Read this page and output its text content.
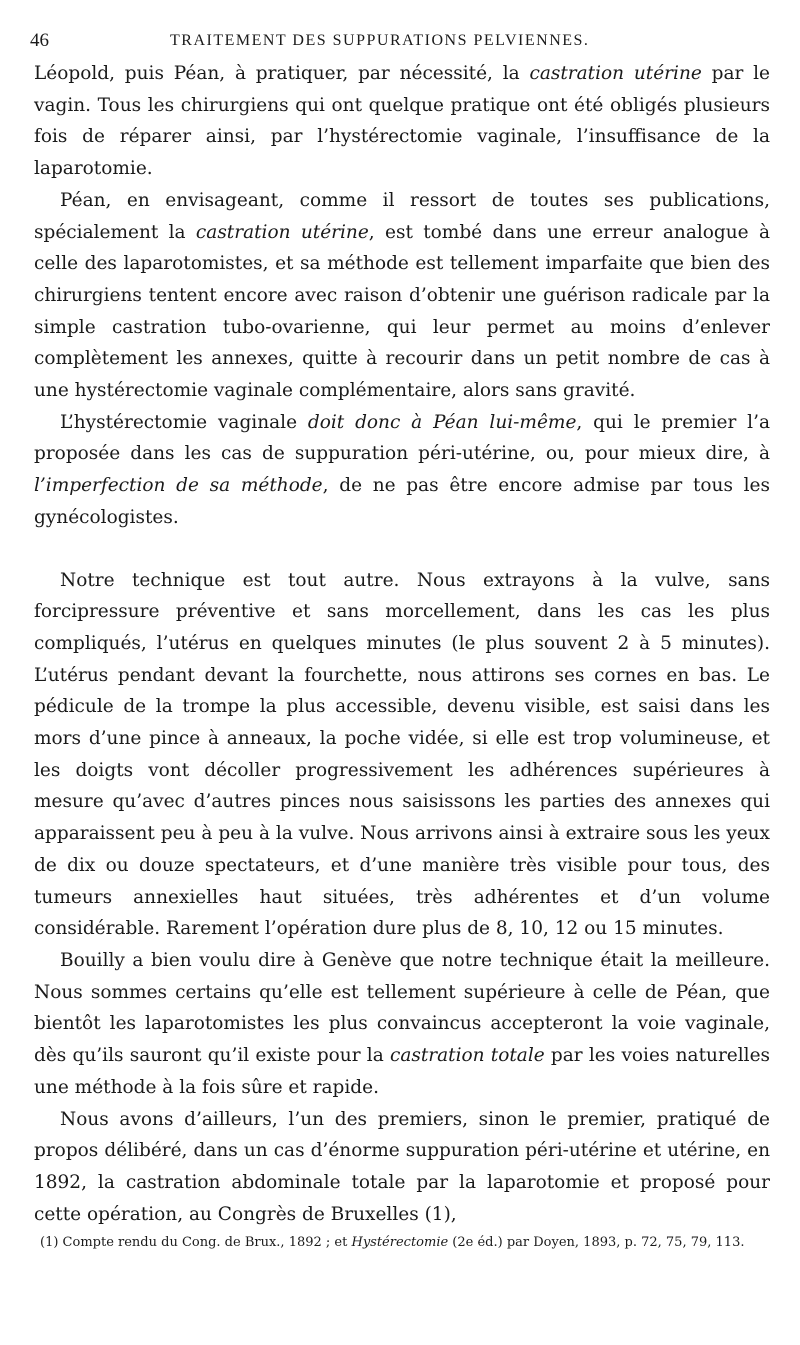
46	TRAITEMENT DES SUPPURATIONS PELVIENNES.

Léopold, puis Péan, à pratiquer, par nécessité, la castration utérine par le vagin. Tous les chirurgiens qui ont quelque pratique ont été obligés plusieurs fois de réparer ainsi, par l’hystérectomie vaginale, l’insuffisance de la laparotomie.

Péan, en envisageant, comme il ressort de toutes ses publications, spécialement la castration utérine, est tombé dans une erreur analogue à celle des laparotomistes, et sa méthode est tellement imparfaite que bien des chirurgiens tentent encore avec raison d’obtenir une guérison radicale par la simple castration tubo-ovarienne, qui leur permet au moins d’enlever complètement les annexes, quitte à recourir dans un petit nombre de cas à une hystérectomie vaginale complémentaire, alors sans gravité.

L’hystérectomie vaginale doit donc à Péan lui-même, qui le premier l’a proposée dans les cas de suppuration péri-utérine, ou, pour mieux dire, à l’imperfection de sa méthode, de ne pas être encore admise par tous les gynécologistes.

Notre technique est tout autre. Nous extrayons à la vulve, sans forcipressure préventive et sans morcellement, dans les cas les plus compliqués, l’utérus en quelques minutes (le plus souvent 2 à 5 minutes). L’utérus pendant devant la fourchette, nous attirons ses cornes en bas. Le pédicule de la trompe la plus accessible, devenu visible, est saisi dans les mors d’une pince à anneaux, la poche vidée, si elle est trop volumineuse, et les doigts vont décoller progressivement les adhérences supérieures à mesure qu’avec d’autres pinces nous saisissons les parties des annexes qui apparaissent peu à peu à la vulve. Nous arrivons ainsi à extraire sous les yeux de dix ou douze spectateurs, et d’une manière très visible pour tous, des tumeurs annexielles haut situées, très adhérentes et d’un volume considérable. Rarement l’opération dure plus de 8, 10, 12 ou 15 minutes.

Bouilly a bien voulu dire à Genève que notre technique était la meilleure. Nous sommes certains qu’elle est tellement supérieure à celle de Péan, que bientôt les laparotomistes les plus convaincus accepteront la voie vaginale, dès qu’ils sauront qu’il existe pour la castration totale par les voies naturelles une méthode à la fois sûre et rapide.

Nous avons d’ailleurs, l’un des premiers, sinon le premier, pratiqué de propos délibéré, dans un cas d’énorme suppuration péri-utérine et utérine, en 1892, la castration abdominale totale par la laparotomie et proposé pour cette opération, au Congrès de Bruxelles (1),

(1) Compte rendu du Cong. de Brux., 1892 ; et Hystérectomie (2e éd.) par Doyen, 1893, p. 72, 75, 79, 113.
